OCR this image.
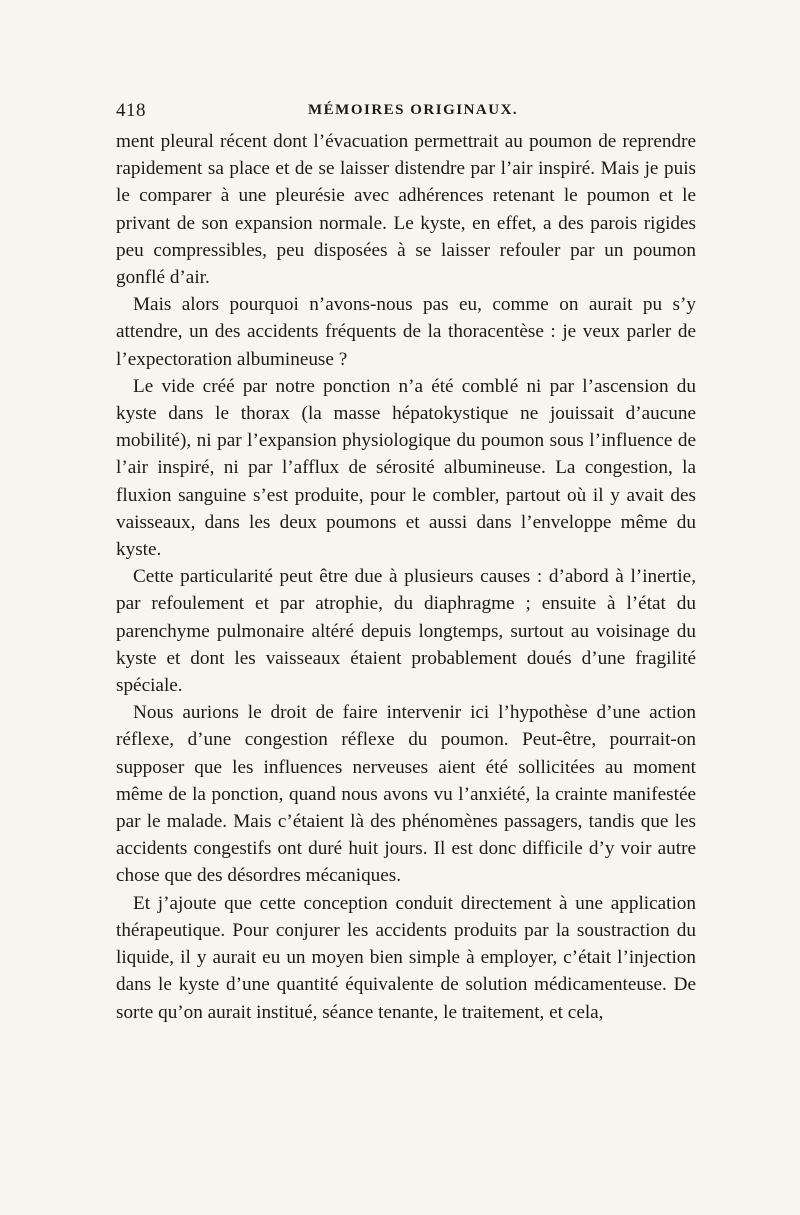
418	MÉMOIRES ORIGINAUX.

ment pleural récent dont l’évacuation permettrait au poumon de reprendre rapidement sa place et de se laisser distendre par l’air inspiré. Mais je puis le comparer à une pleurésie avec adhérences retenant le poumon et le privant de son expansion normale. Le kyste, en effet, a des parois rigides peu compressibles, peu disposées à se laisser refouler par un poumon gonflé d’air.

Mais alors pourquoi n’avons-nous pas eu, comme on aurait pu s’y attendre, un des accidents fréquents de la thoracentèse : je veux parler de l’expectoration albumineuse ?

Le vide créé par notre ponction n’a été comblé ni par l’ascension du kyste dans le thorax (la masse hépatokystique ne jouissait d’aucune mobilité), ni par l’expansion physiologique du poumon sous l’influence de l’air inspiré, ni par l’afflux de sérosité albumineuse. La congestion, la fluxion sanguine s’est produite, pour le combler, partout où il y avait des vaisseaux, dans les deux poumons et aussi dans l’enveloppe même du kyste.

Cette particularité peut être due à plusieurs causes : d’abord à l’inertie, par refoulement et par atrophie, du diaphragme ; ensuite à l’état du parenchyme pulmonaire altéré depuis longtemps, surtout au voisinage du kyste et dont les vaisseaux étaient probablement doués d’une fragilité spéciale.

Nous aurions le droit de faire intervenir ici l’hypothèse d’une action réflexe, d’une congestion réflexe du poumon. Peut-être, pourrait-on supposer que les influences nerveuses aient été sollicitées au moment même de la ponction, quand nous avons vu l’anxiété, la crainte manifestée par le malade. Mais c’étaient là des phénomènes passagers, tandis que les accidents congestifs ont duré huit jours. Il est donc difficile d’y voir autre chose que des désordres mécaniques.

Et j’ajoute que cette conception conduit directement à une application thérapeutique. Pour conjurer les accidents produits par la soustraction du liquide, il y aurait eu un moyen bien simple à employer, c’était l’injection dans le kyste d’une quantité équivalente de solution médicamenteuse. De sorte qu’on aurait institué, séance tenante, le traitement, et cela,
